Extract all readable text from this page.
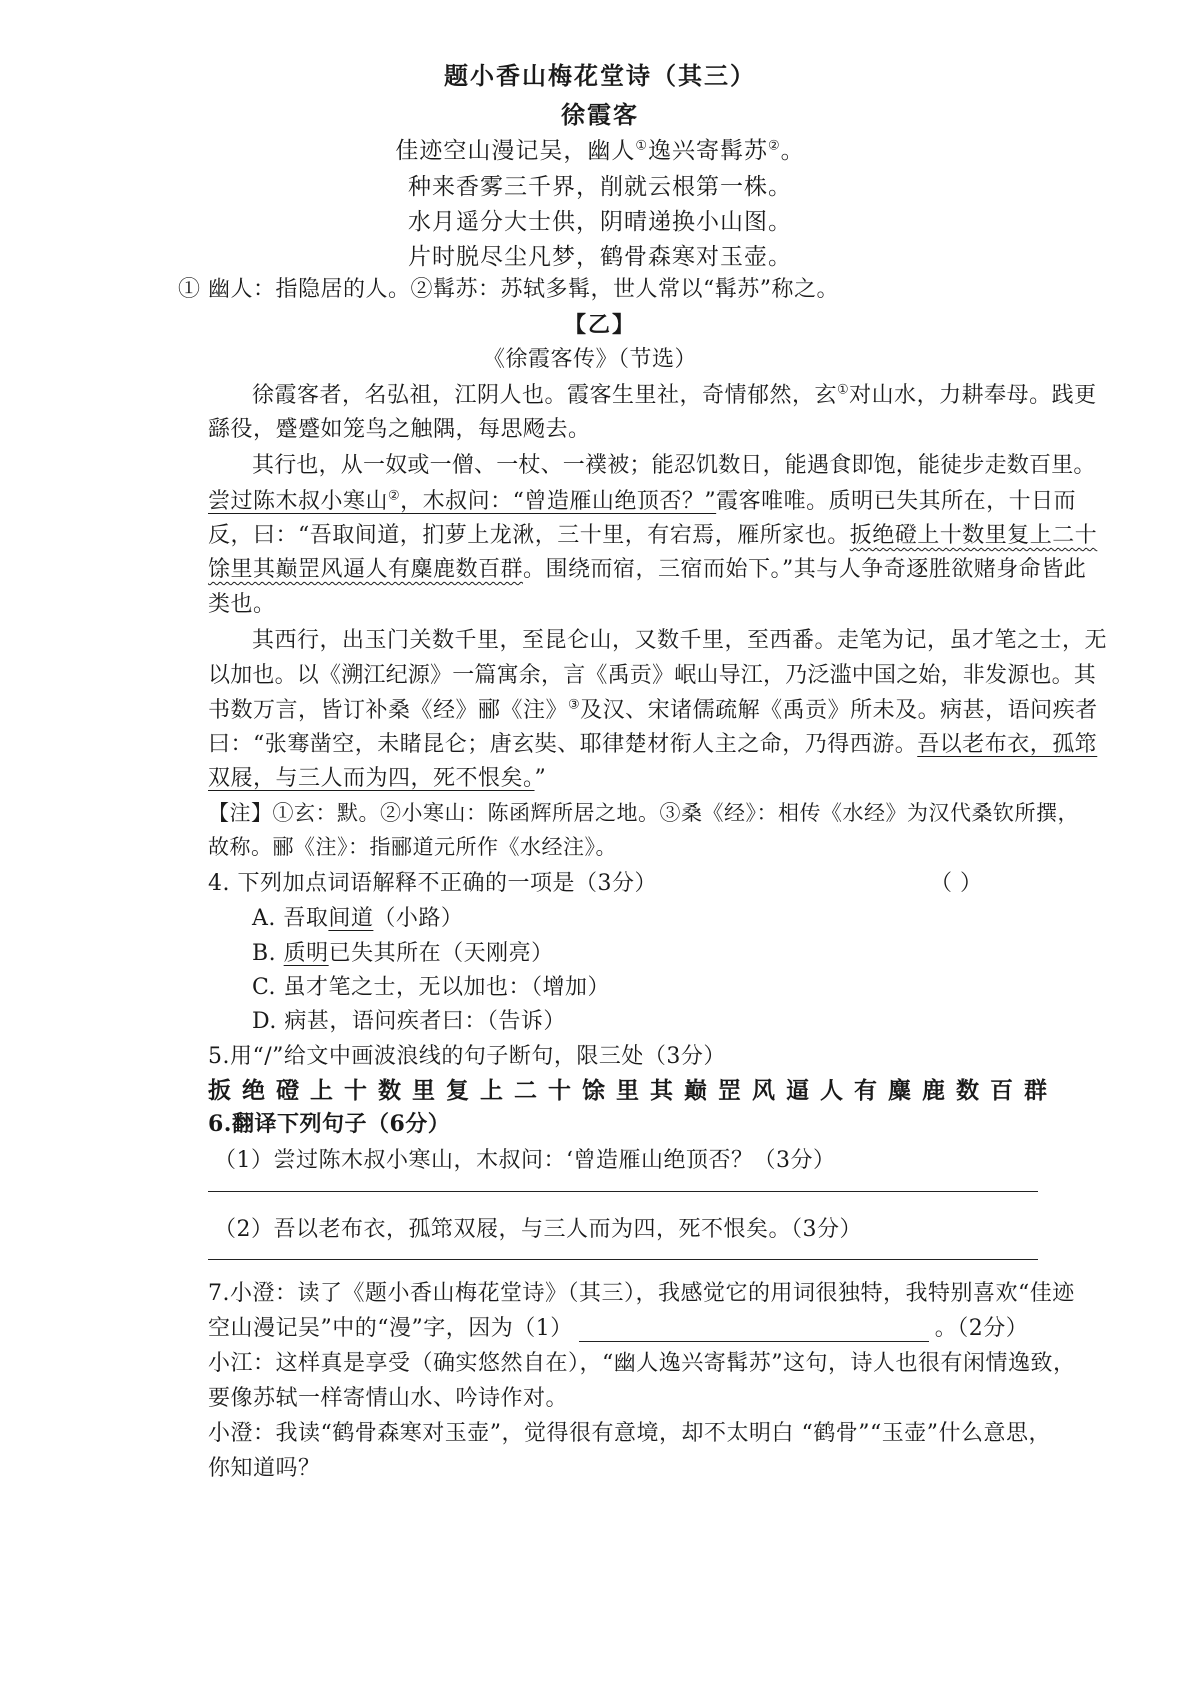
题小香山梅花堂诗（其三）
徐霞客
佳迹空山漫记吴，幽人①逸兴寄髯苏②。
种来香雾三千界，削就云根第一株。
水月遥分大士供，阴晴递换小山图。
片时脱尽尘凡梦，鹤骨森寒对玉壶。
① 幽人：指隐居的人。②髯苏：苏轼多髯，世人常以“髯苏”称之。
【乙】
《徐霞客传》（节选）
徐霞客者，名弘祖，江阴人也。霞客生里社，奇情郁然，玄①对山水，力耕奉母。践更
繇役，蹙蹙如笼鸟之触隅，每思飏去。
其行也，从一奴或一僧、一杖、一襆被；能忍饥数日，能遇食即饱，能徒步走数百里。
尝过陈木叔小寒山②，木叔问：“曾造雁山绝顶否？”霞客唯唯。质明已失其所在，十日而
反，曰：“吾取间道，扪萝上龙湫，三十里，有宕焉，雁所家也。扳绝磴上十数里复上二十
馀里其巅罡风逼人有麋鹿数百群。围绕而宿，三宿而始下。”其与人争奇逐胜欲赌身命皆此
类也。
其西行，出玉门关数千里，至昆仑山，又数千里，至西番。走笔为记，虽才笔之士，无
以加也。以《溯江纪源》一篇寓余，言《禹贡》岷山导江，乃泛滥中国之始，非发源也。其
书数万言，皆订补桑《经》郦《注》③及汉、宋诸儒疏解《禹贡》所未及。病甚，语问疾者
曰：“张骞凿空，未睹昆仑；唐玄奘、耶律楚材衔人主之命，乃得西游。吾以老布衣，孤筇
双屐，与三人而为四，死不恨矣。”
【注】①玄：默。②小寒山：陈函辉所居之地。③桑《经》：相传《水经》为汉代桑钦所撰，
故称。郦《注》：指郦道元所作《水经注》。
4. 下列加点词语解释不正确的一项是（3分）	（ ）
A. 吾取间道（小路）
B. 质明已失其所在（天刚亮）
C. 虽才笔之士，无以加也：（增加）
D. 病甚，语问疾者曰：（告诉）
5.用“/”给文中画波浪线的句子断句，限三处（3分）
扳绝磴上十数里复上二十馀里其巅罡风逼人有麋鹿数百群
6.翻译下列句子（6分）
（1）尝过陈木叔小寒山，木叔问：‘曾造雁山绝顶否？（3分）
（2）吾以老布衣，孤筇双屐，与三人而为四，死不恨矣。（3分）
7.小澄：读了《题小香山梅花堂诗》（其三），我感觉它的用词很独特，我特别喜欢“佳迹
空山漫记吴”中的“漫”字，因为（1）	。（2分）
小江：这样真是享受（确实悠然自在），“幽人逸兴寄髯苏”这句，诗人也很有闲情逸致，
要像苏轼一样寄情山水、吟诗作对。
小澄：我读“鹤骨森寒对玉壶”，觉得很有意境，却不太明白 “鹤骨”“玉壶”什么意思，
你知道吗？
